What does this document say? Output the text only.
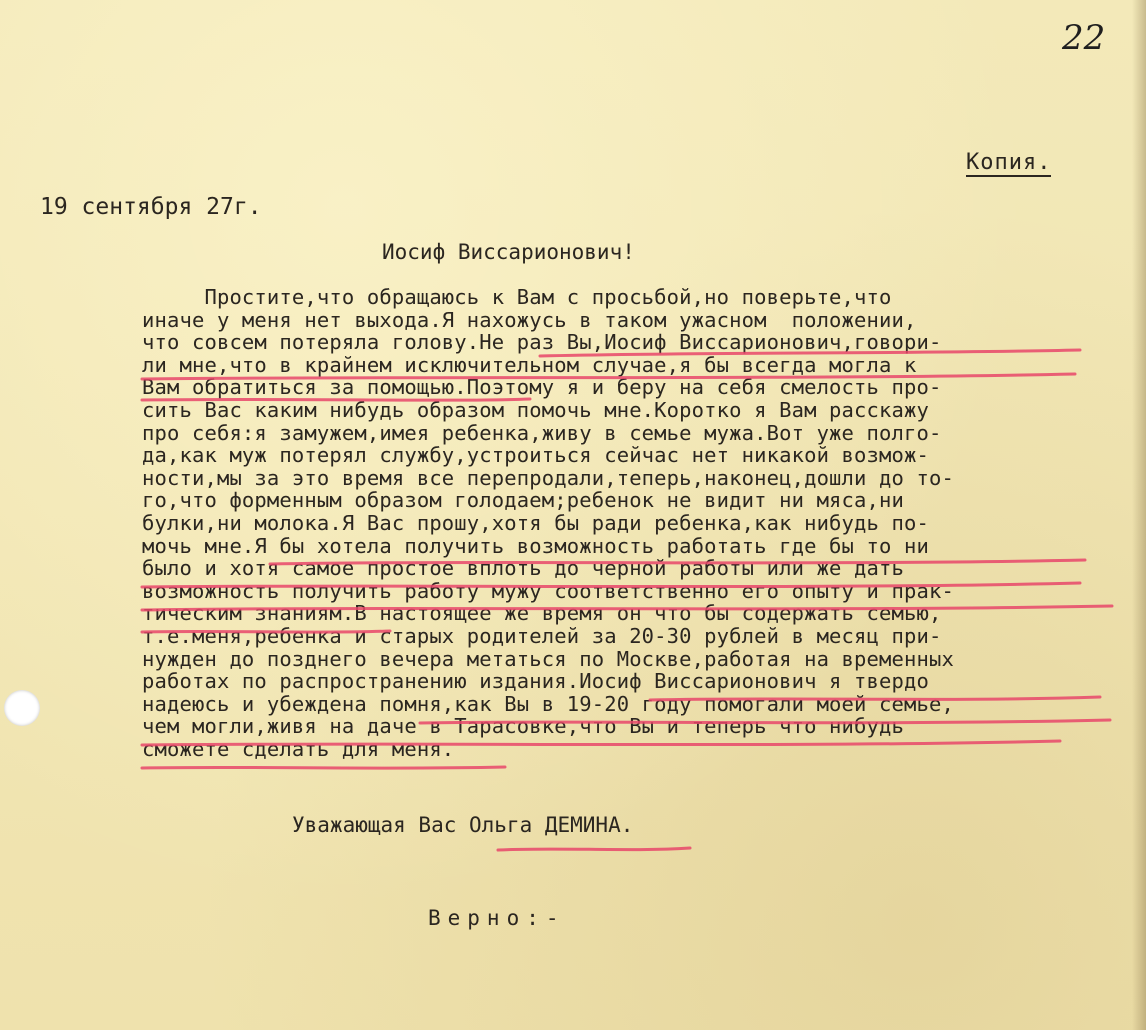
22
Копия.
19 сентября 27г.
Иосиф Виссарионович!
Простите,что обращаюсь к Вам с просьбой,но поверьте,что
иначе у меня нет выхода.Я нахожусь в таком ужасном  положении,
что совсем потеряла голову.Не раз Вы,Иосиф Виссарионович,говори-
ли мне,что в крайнем исключительном случае,я бы всегда могла к
Вам обратиться за помощью.Поэтому я и беру на себя смелость про-
сить Вас каким нибудь образом помочь мне.Коротко я Вам расскажу
про себя:я замужем,имея ребенка,живу в семье мужа.Вот уже полго-
да,как муж потерял службу,устроиться сейчас нет никакой возмож-
ности,мы за это время все перепродали,теперь,наконец,дошли до то-
го,что форменным образом голодаем;ребенок не видит ни мяса,ни
булки,ни молока.Я Вас прошу,хотя бы ради ребенка,как нибудь по-
мочь мне.Я бы хотела получить возможность работать где бы то ни
было и хотя самое простое вплоть до черной работы или же дать
возможность получить работу мужу соответственно его опыту и прак-
тическим знаниям.В настоящее же время он что бы содержать семью,
т.е.меня,ребенка и старых родителей за 20-30 рублей в месяц при-
нужден до позднего вечера метаться по Москве,работая на временных
работах по распространению издания.Иосиф Виссарионович я твердо
надеюсь и убеждена помня,как Вы в 19-20 году помогали моей семье,
чем могли,живя на даче в Тарасовке,что Вы и теперь что нибудь
сможете сделать для меня.
Уважающая Вас Ольга ДЕМИНА.
Верно:-
